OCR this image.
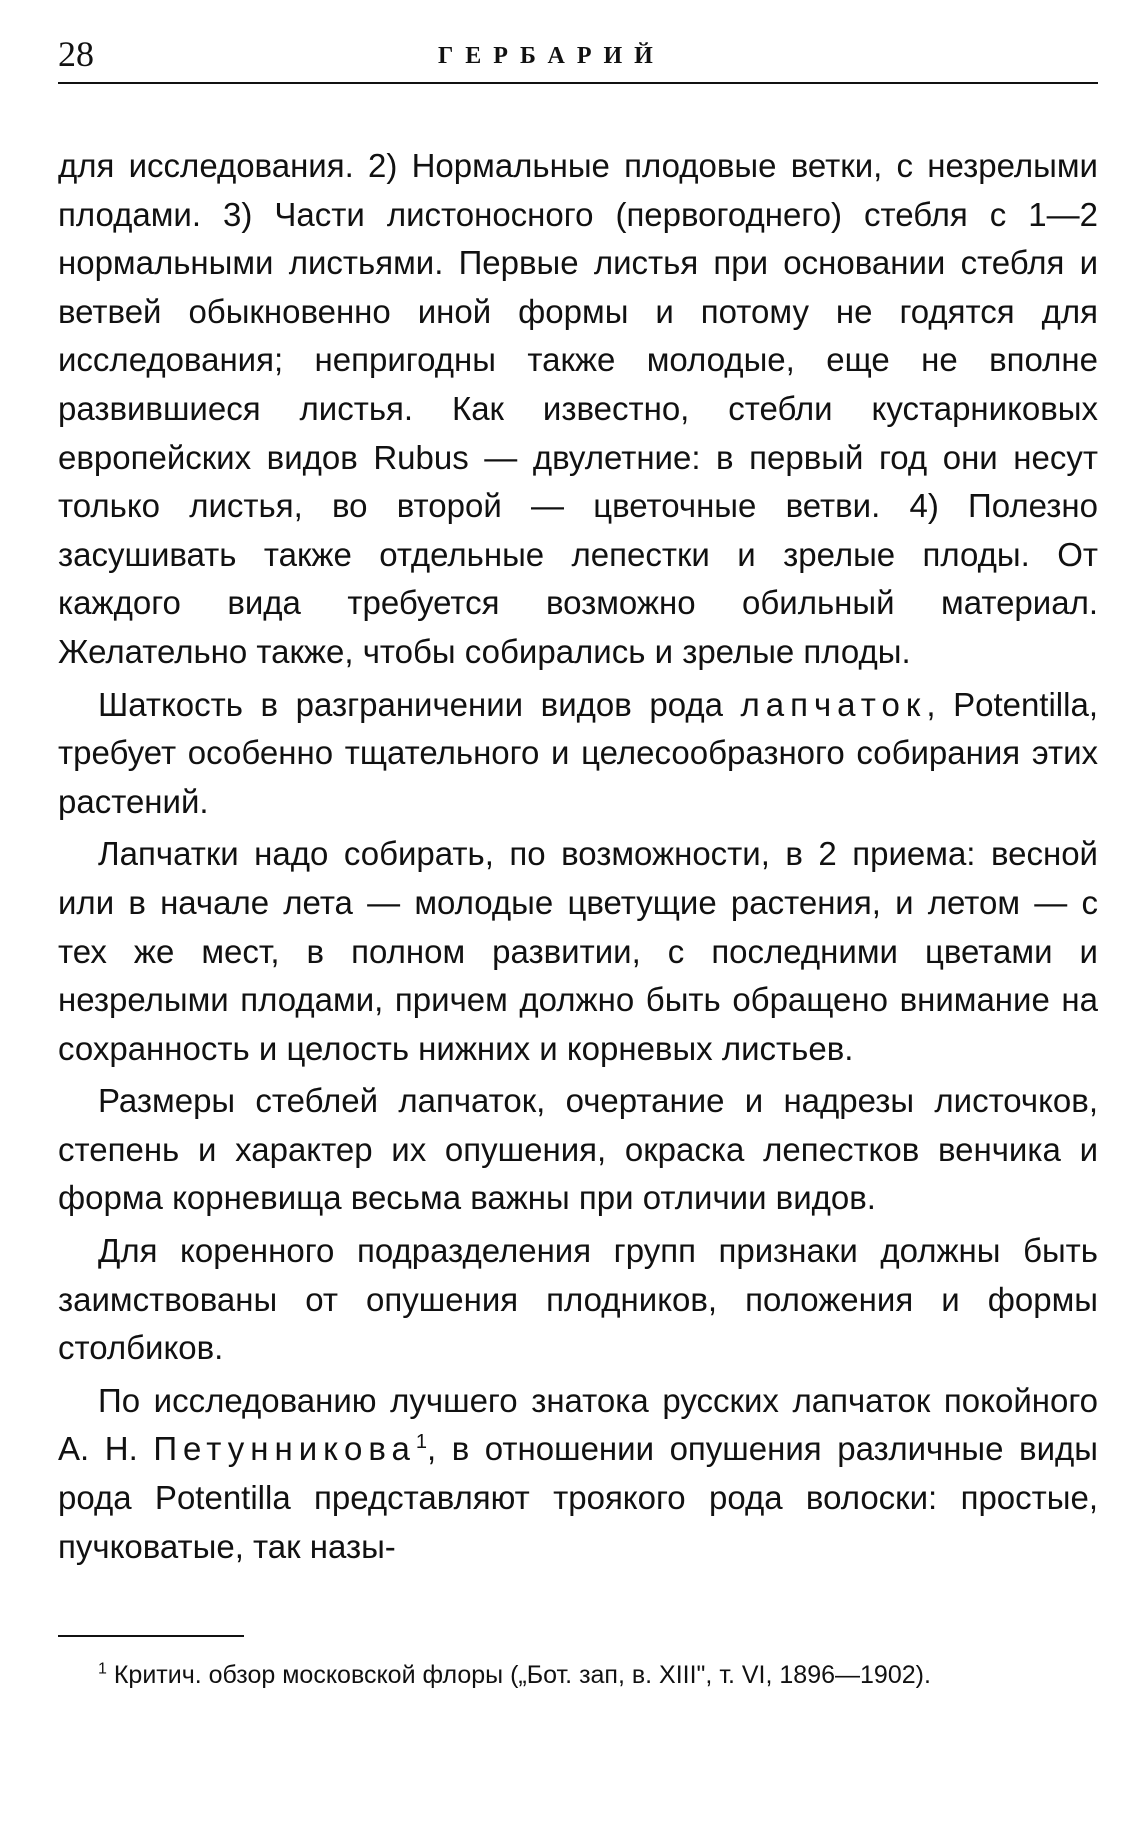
28	ГЕРБАРИЙ

для исследования. 2) Нормальные плодовые ветки, с незрелыми плодами. 3) Части листоносного (первогоднего) стебля с 1—2 нормальными листьями. Первые листья при основании стебля и ветвей обыкновенно иной формы и потому не годятся для исследования; непригодны также молодые, еще не вполне развившиеся листья. Как известно, стебли кустарниковых европейских видов Rubus — двулетние: в первый год они несут только листья, во второй — цветочные ветви. 4) Полезно засушивать также отдельные лепестки и зрелые плоды. От каждого вида требуется возможно обильный материал. Желательно также, чтобы собирались и зрелые плоды.

Шаткость в разграничении видов рода лапчаток, Potentilla, требует особенно тщательного и целесообразного собирания этих растений.

Лапчатки надо собирать, по возможности, в 2 приема: весной или в начале лета — молодые цветущие растения, и летом — с тех же мест, в полном развитии, с последними цветами и незрелыми плодами, причем должно быть обращено внимание на сохранность и целость нижних и корневых листьев.

Размеры стеблей лапчаток, очертание и надрезы листочков, степень и характер их опушения, окраска лепестков венчика и форма корневища весьма важны при отличии видов.

Для коренного подразделения групп признаки должны быть заимствованы от опушения плодников, положения и формы столбиков.

По исследованию лучшего знатока русских лапчаток покойного А. Н. Петунникова$^1$, в отношении опушения различные виды рода Potentilla представляют троякого рода волоски: простые, пучковатые, так назы-

$^1$ Критич. обзор московской флоры („Бот. зап, в. XIII", т. VI, 1896—1902).
